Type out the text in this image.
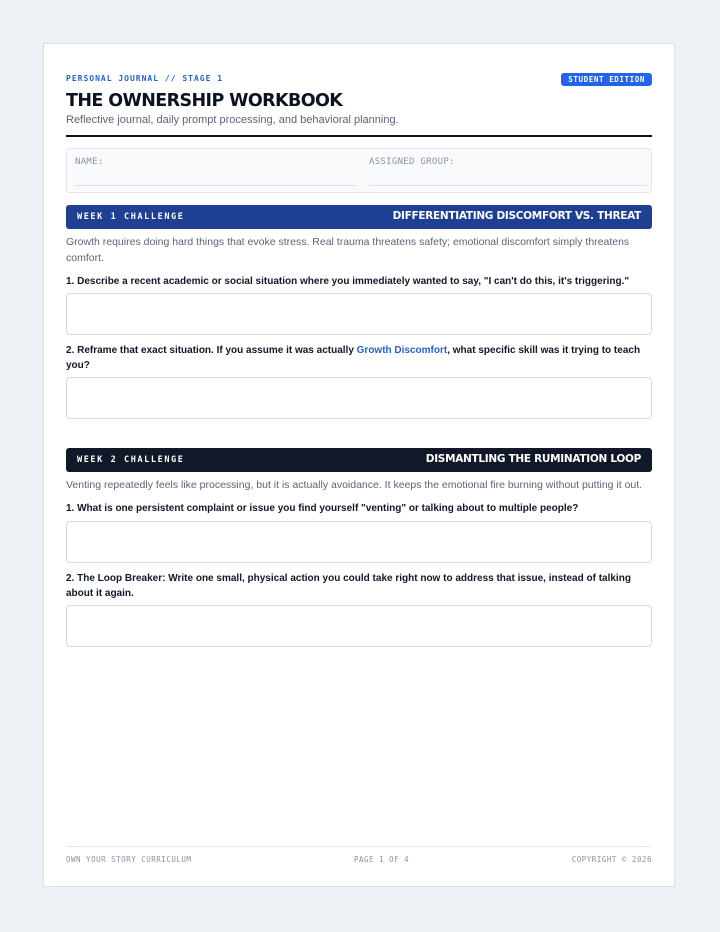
PERSONAL JOURNAL // STAGE 1	STUDENT EDITION
THE OWNERSHIP WORKBOOK
Reflective journal, daily prompt processing, and behavioral planning.
NAME:	ASSIGNED GROUP:
WEEK 1 CHALLENGE	DIFFERENTIATING DISCOMFORT VS. THREAT
Growth requires doing hard things that evoke stress. Real trauma threatens safety; emotional discomfort simply threatens comfort.
1. Describe a recent academic or social situation where you immediately wanted to say, "I can't do this, it's triggering."
2. Reframe that exact situation. If you assume it was actually Growth Discomfort, what specific skill was it trying to teach you?
WEEK 2 CHALLENGE	DISMANTLING THE RUMINATION LOOP
Venting repeatedly feels like processing, but it is actually avoidance. It keeps the emotional fire burning without putting it out.
1. What is one persistent complaint or issue you find yourself "venting" or talking about to multiple people?
2. The Loop Breaker: Write one small, physical action you could take right now to address that issue, instead of talking about it again.
OWN YOUR STORY CURRICULUM	PAGE 1 OF 4	COPYRIGHT © 2026
